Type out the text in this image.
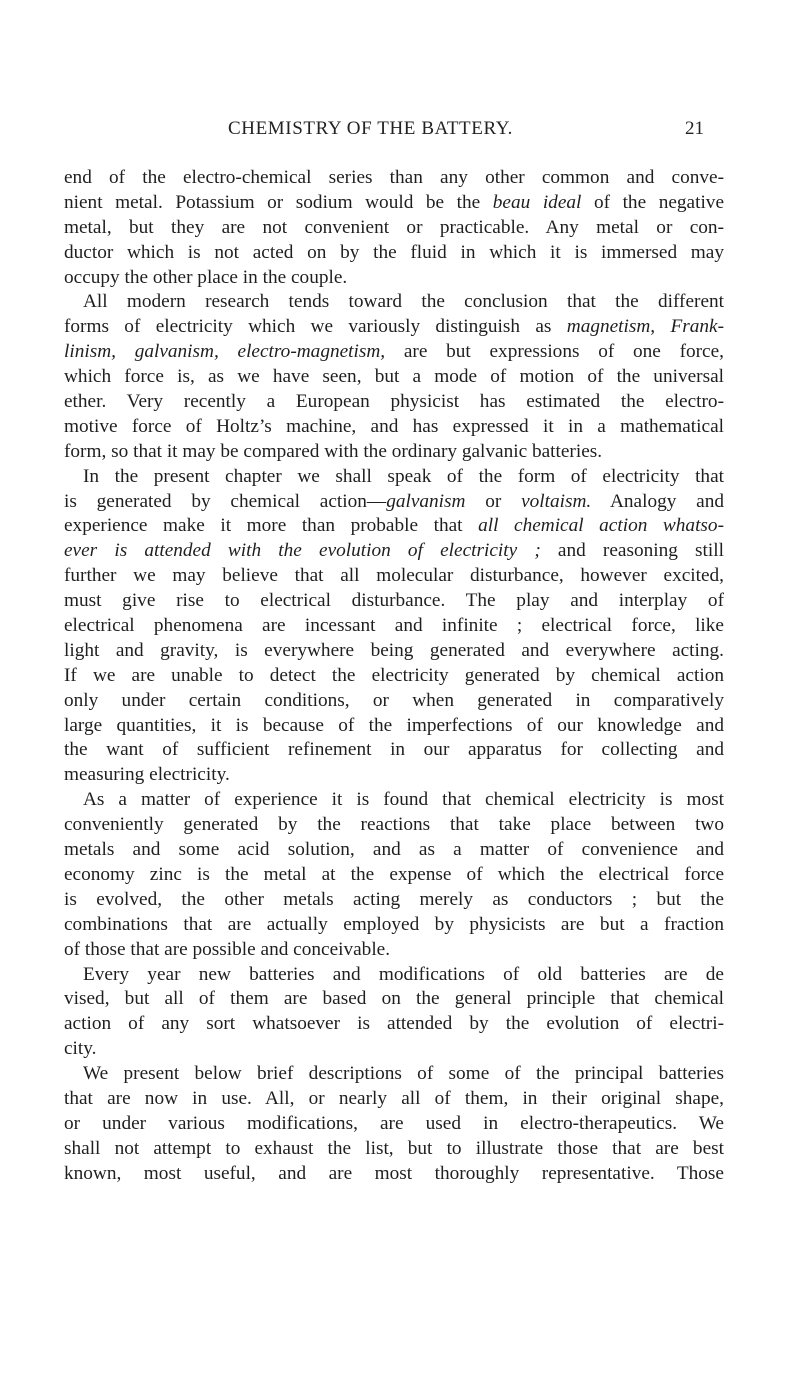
CHEMISTRY OF THE BATTERY.	21
end of the electro-chemical series than any other common and conve-
nient metal. Potassium or sodium would be the beau ideal of the negative
metal, but they are not convenient or practicable. Any metal or con-
ductor which is not acted on by the fluid in which it is immersed may
occupy the other place in the couple.
All modern research tends toward the conclusion that the different
forms of electricity which we variously distinguish as magnetism, Frank-
linism, galvanism, electro-magnetism, are but expressions of one force,
which force is, as we have seen, but a mode of motion of the universal
ether. Very recently a European physicist has estimated the electro-
motive force of Holtz’s machine, and has expressed it in a mathematical
form, so that it may be compared with the ordinary galvanic batteries.
In the present chapter we shall speak of the form of electricity that
is generated by chemical action—galvanism or voltaism. Analogy and
experience make it more than probable that all chemical action whatso-
ever is attended with the evolution of electricity ; and reasoning still
further we may believe that all molecular disturbance, however excited,
must give rise to electrical disturbance. The play and interplay of
electrical phenomena are incessant and infinite ; electrical force, like
light and gravity, is everywhere being generated and everywhere acting.
If we are unable to detect the electricity generated by chemical action
only under certain conditions, or when generated in comparatively
large quantities, it is because of the imperfections of our knowledge and
the want of sufficient refinement in our apparatus for collecting and
measuring electricity.
As a matter of experience it is found that chemical electricity is most
conveniently generated by the reactions that take place between two
metals and some acid solution, and as a matter of convenience and
economy zinc is the metal at the expense of which the electrical force
is evolved, the other metals acting merely as conductors ; but the
combinations that are actually employed by physicists are but a fraction
of those that are possible and conceivable.
Every year new batteries and modifications of old batteries are de
vised, but all of them are based on the general principle that chemical
action of any sort whatsoever is attended by the evolution of electri-
city.
We present below brief descriptions of some of the principal batteries
that are now in use. All, or nearly all of them, in their original shape,
or under various modifications, are used in electro-therapeutics. We
shall not attempt to exhaust the list, but to illustrate those that are best
known, most useful, and are most thoroughly representative. Those
